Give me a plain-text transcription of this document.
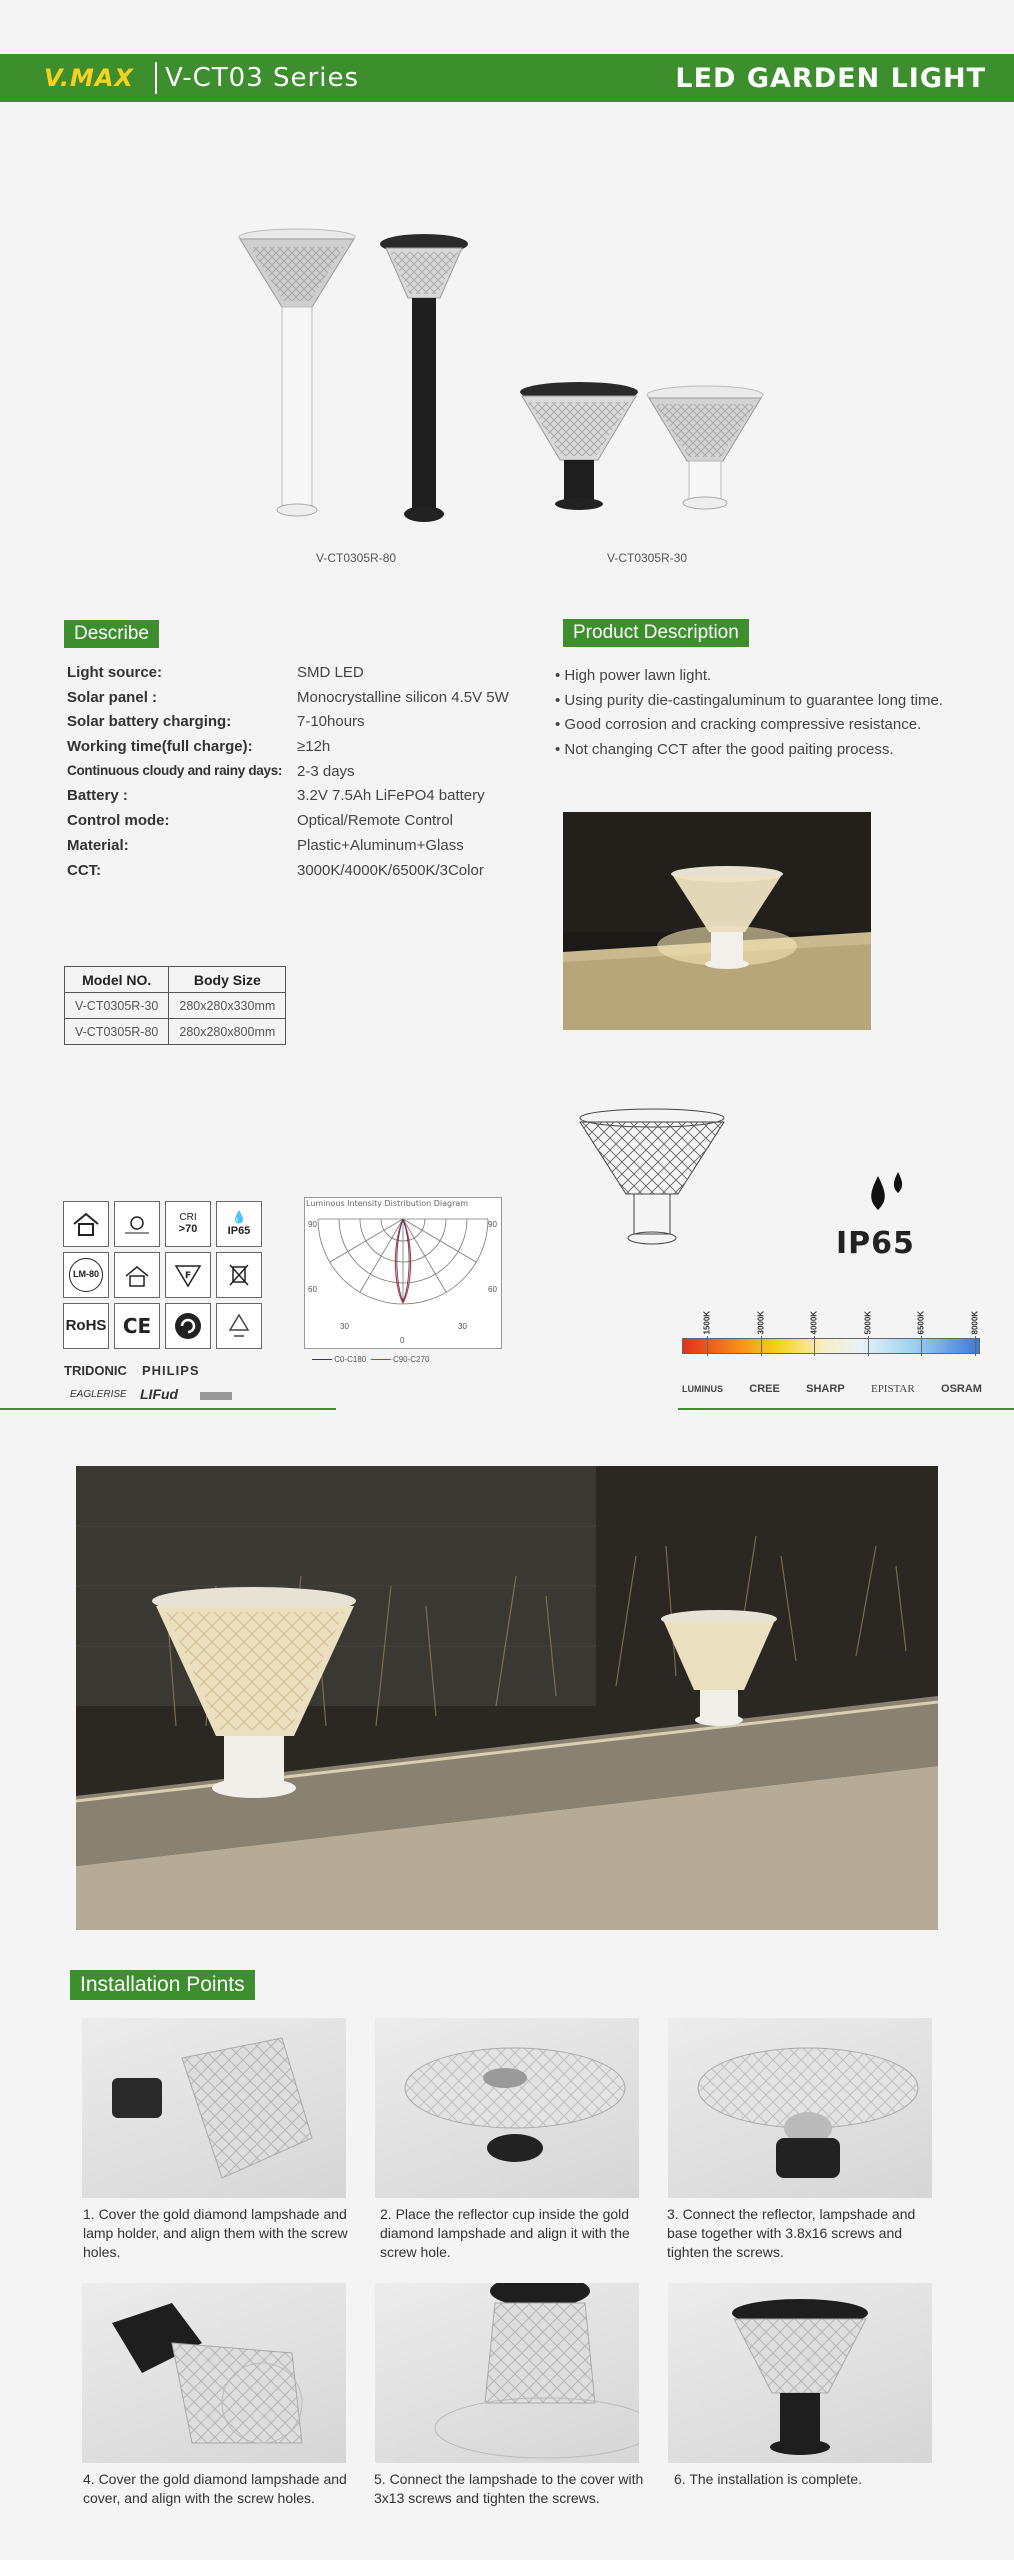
V.MAX V-CT03 Series	LED GARDEN LIGHT
V-CT0305R-80	V-CT0305R-30
Describe
Light source:	SMD LED
Solar panel :	Monocrystalline silicon 4.5V 5W
Solar battery charging:	7-10hours
Working time(full charge):	≥12h
Continuous cloudy and rainy days: 2-3 days
Battery :	3.2V 7.5Ah LiFePO4 battery
Control mode:	Optical/Remote Control
Material:	Plastic+Aluminum+Glass
CCT:	3000K/4000K/6500K/3Color
Product Description
• High power lawn light.
• Using purity die-castingaluminum to guarantee long time.
• Good corrosion and cracking compressive resistance.
• Not changing CCT after the good paiting process.
Model NO.	Body Size
V-CT0305R-30	280x280x330mm
V-CT0305R-80	280x280x800mm
CRI
>70
💧
IP65
LM-80	F
RoHS CE
TRIDONIC PHILIPS
EAGLERISE LIFud
Luminous Intensity Distribution Diagram
90	90
60	60
30	30
0
C0-C180	C90-C270
IP65
1500K	3000K	4000K	5000K	6500K	8000K
LUMINUS CREE SHARP EPISTAR OSRAM
Installation Points
1. Cover the gold diamond lampshade and lamp holder, and align them with the screw holes.
2. Place the reflector cup inside the gold diamond lampshade and align it with the screw hole.
3. Connect the reflector, lampshade and base together with 3.8x16 screws and tighten the screws.
4. Cover the gold diamond lampshade and cover, and align with the screw holes.
5. Connect the lampshade to the cover with 3x13 screws and tighten the screws.
6. The installation is complete.
